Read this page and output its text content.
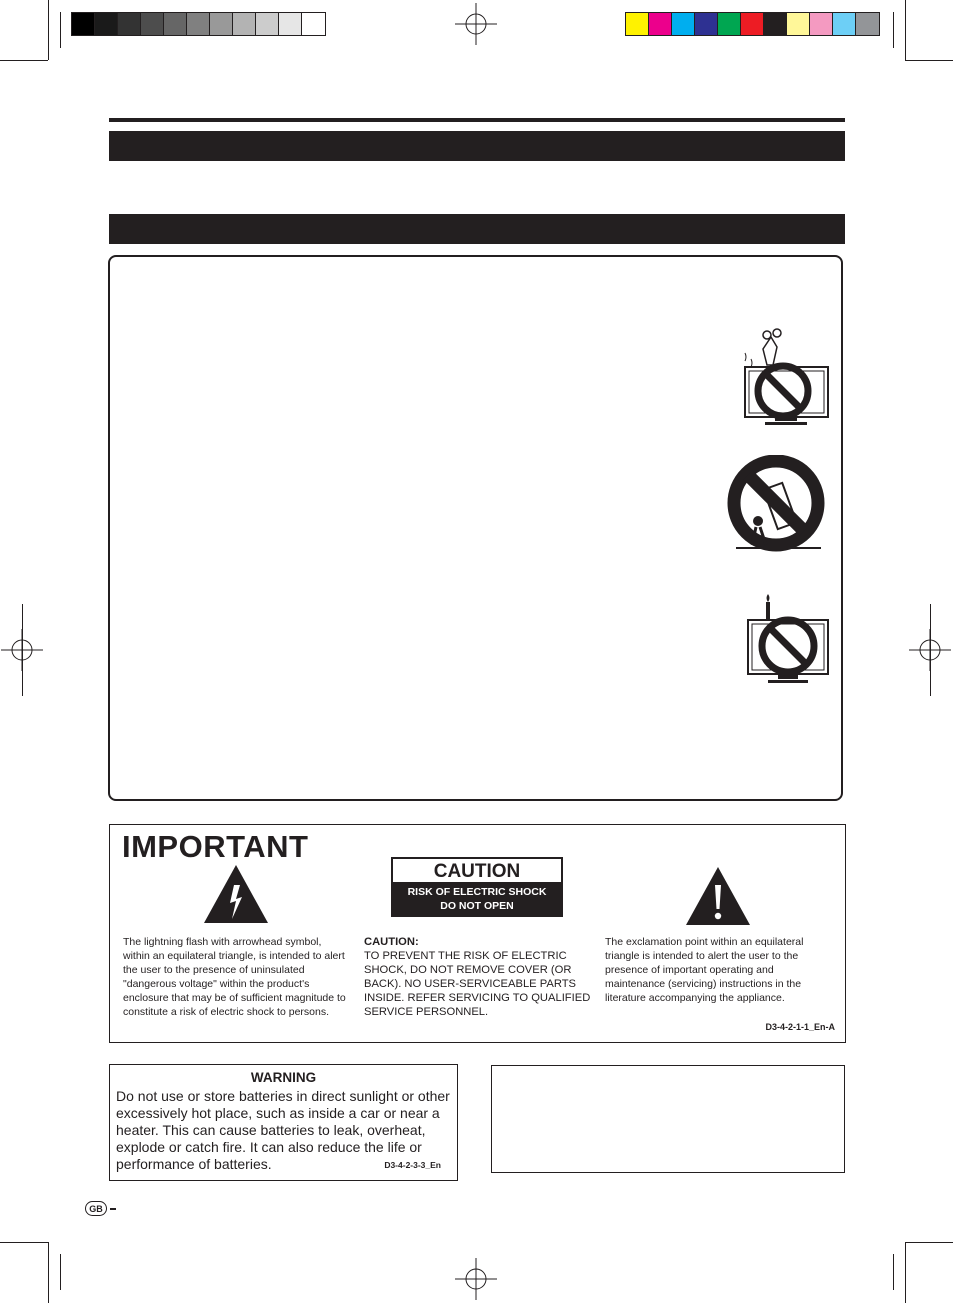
IMPORTANT
CAUTION
RISK OF ELECTRIC SHOCK
DO NOT OPEN
The lightning flash with arrowhead symbol, within an equilateral triangle, is intended to alert the user to the presence of uninsulated "dangerous voltage" within the product's enclosure that may be of sufficient magnitude to constitute a risk of electric shock to persons.
CAUTION:
TO PREVENT THE RISK OF ELECTRIC SHOCK, DO NOT REMOVE COVER (OR BACK). NO USER-SERVICEABLE PARTS INSIDE. REFER SERVICING TO QUALIFIED SERVICE PERSONNEL.
The exclamation point within an equilateral triangle is intended to alert the user to the presence of important operating and maintenance (servicing) instructions in the literature accompanying the appliance.
D3-4-2-1-1_En-A
WARNING
Do not use or store batteries in direct sunlight or other excessively hot place, such as inside a car or near a heater. This can cause batteries to leak, overheat, explode or catch fire. It can also reduce the life or performance of batteries.	D3-4-2-3-3_En
GB
